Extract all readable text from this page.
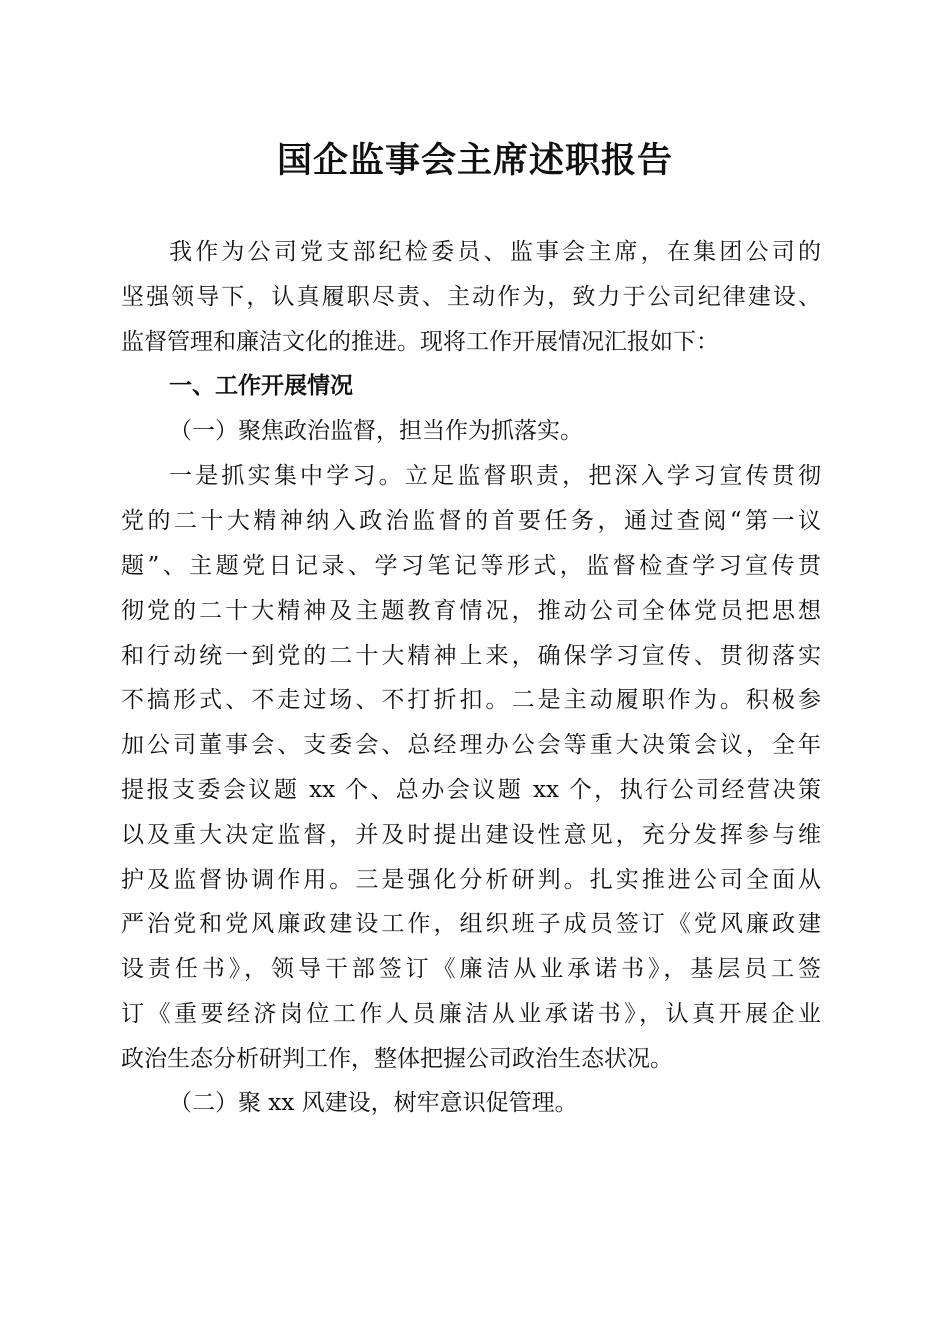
国企监事会主席述职报告
我作为公司党支部纪检委员、监事会主席，在集团公司的
坚强领导下，认真履职尽责、主动作为，致力于公司纪律建设、
监督管理和廉洁文化的推进。现将工作开展情况汇报如下：
一、工作开展情况
（一）聚焦政治监督，担当作为抓落实。
一是抓实集中学习。立足监督职责，把深入学习宣传贯彻
党的二十大精神纳入政治监督的首要任务，通过查阅“第一议
题”、主题党日记录、学习笔记等形式，监督检查学习宣传贯
彻党的二十大精神及主题教育情况，推动公司全体党员把思想
和行动统一到党的二十大精神上来，确保学习宣传、贯彻落实
不搞形式、不走过场、不打折扣。二是主动履职作为。积极参
加公司董事会、支委会、总经理办公会等重大决策会议，全年
提报支委会议题 xx 个、总办会议题 xx 个，执行公司经营决策
以及重大决定监督，并及时提出建设性意见，充分发挥参与维
护及监督协调作用。三是强化分析研判。扎实推进公司全面从
严治党和党风廉政建设工作，组织班子成员签订《党风廉政建
设责任书》，领导干部签订《廉洁从业承诺书》，基层员工签
订《重要经济岗位工作人员廉洁从业承诺书》，认真开展企业
政治生态分析研判工作，整体把握公司政治生态状况。
（二）聚 xx 风建设，树牢意识促管理。
